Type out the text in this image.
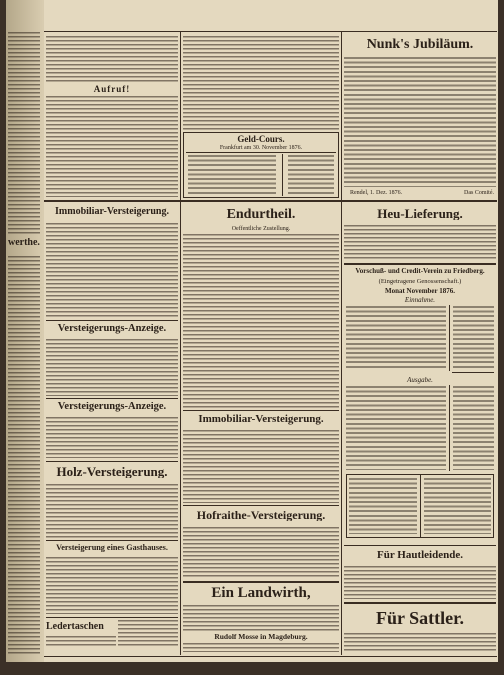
werthe.
Aufruf!
Geld-Cours.
Frankfurt am 30. November 1876.
Nunk's Jubiläum.
Rendel, 1. Dez. 1876.	Das Comité.
Immobiliar-Versteigerung.
Versteigerungs-Anzeige.
Versteigerungs-Anzeige.
Holz-Versteigerung.
Versteigerung eines Gasthauses.
Ledertaschen
Endurtheil.
Oeffentliche Zustellung.
Immobiliar-Versteigerung.
Hofraithe-Versteigerung.
Ein Landwirth,
Rudolf Mosse in Magdeburg.
Heu-Lieferung.
Vorschuß- und Credit-Verein zu Friedberg.
(Eingetragene Genossenschaft.)
Monat November 1876.
Einnahme.
Ausgabe.
Für Hautleidende.
Für Sattler.
